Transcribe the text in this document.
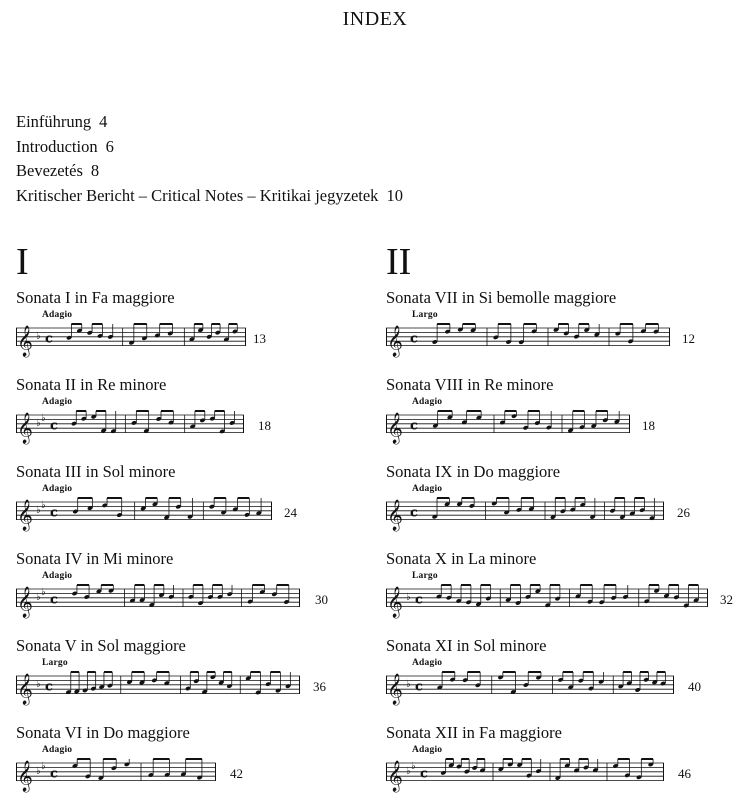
INDEX
Einführung 4
Introduction 6
Bevezetés 8
Kritischer Bericht – Critical Notes – Kritikai jegyzetek 10
I
Sonata I in Fa maggiore
Adagio
𝄞 ♭ c	13
Sonata II in Re minore
Adagio
𝄞 ♭ ♭
c	18
Sonata III in Sol minore
Adagio
𝄞 ♭ ♭
c	24
Sonata IV in Mi minore
Adagio
𝄞 ♭ ♭
c	30
Sonata V in Sol maggiore
Largo
𝄞 ♭ c	36
Sonata VI in Do maggiore
Adagio
𝄞 ♭ ♭
c	42
II
Sonata VII in Si bemolle maggiore
Largo
𝄞 c	12
Sonata VIII in Re minore
Adagio
𝄞 c	18
Sonata IX in Do maggiore
Adagio
𝄞 c	26
Sonata X in La minore
Largo
𝄞 ♭ c	32
Sonata XI in Sol minore
Adagio
𝄞 ♭ c	40
Sonata XII in Fa maggiore
Adagio
𝄞 ♭ ♭
c	46
